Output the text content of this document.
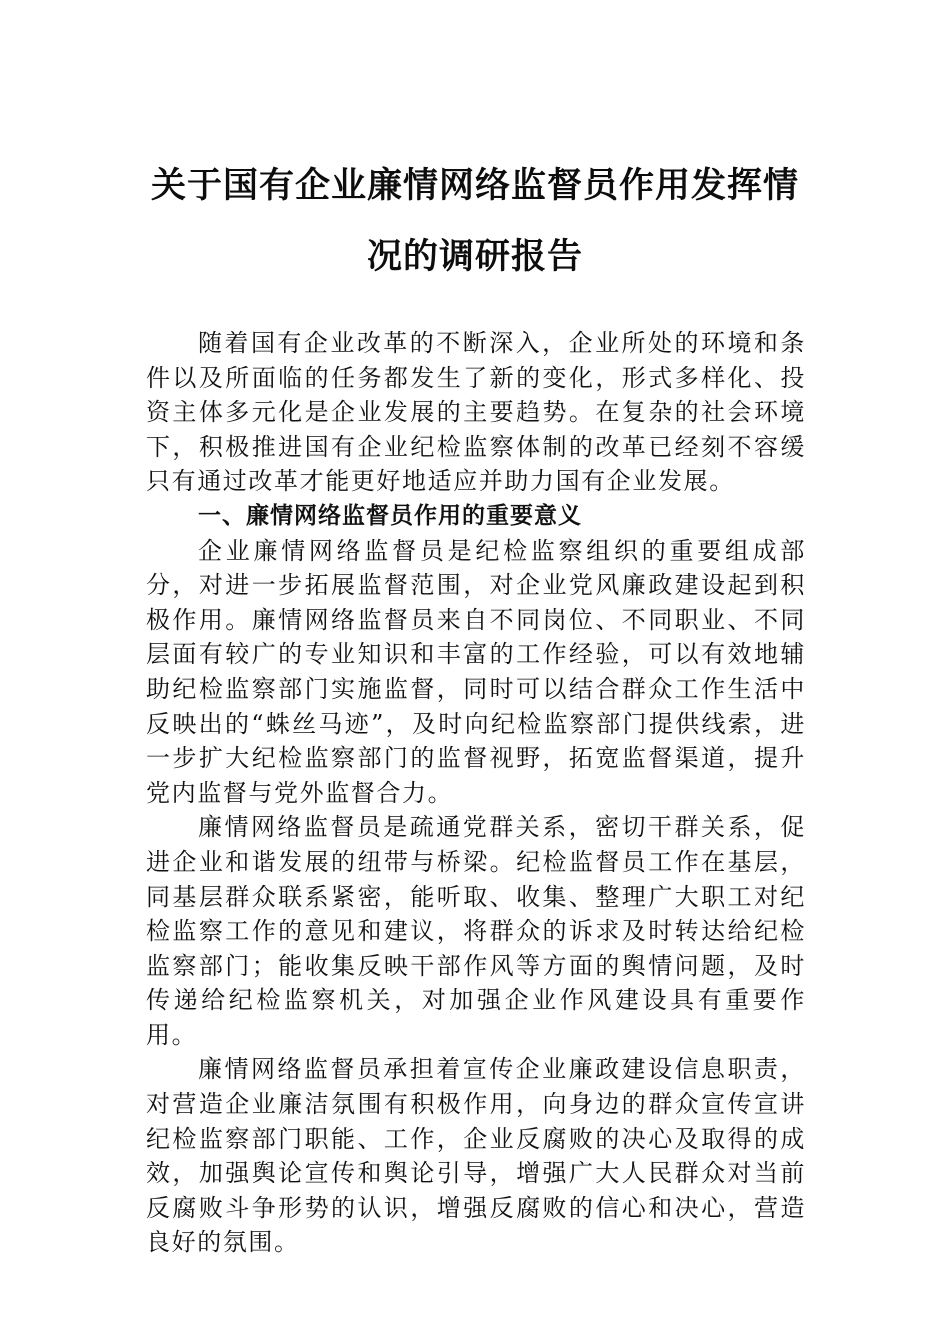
关于国有企业廉情网络监督员作用发挥情
况的调研报告

随着国有企业改革的不断深入，企业所处的环境和条件以及所面临的任务都发生了新的变化，形式多样化、投资主体多元化是企业发展的主要趋势。在复杂的社会环境下，积极推进国有企业纪检监察体制的改革已经刻不容缓只有通过改革才能更好地适应并助力国有企业发展。

一、廉情网络监督员作用的重要意义

企业廉情网络监督员是纪检监察组织的重要组成部分，对进一步拓展监督范围，对企业党风廉政建设起到积极作用。廉情网络监督员来自不同岗位、不同职业、不同层面有较广的专业知识和丰富的工作经验，可以有效地辅助纪检监察部门实施监督，同时可以结合群众工作生活中反映出的“蛛丝马迹”，及时向纪检监察部门提供线索，进一步扩大纪检监察部门的监督视野，拓宽监督渠道，提升党内监督与党外监督合力。

廉情网络监督员是疏通党群关系，密切干群关系，促进企业和谐发展的纽带与桥梁。纪检监督员工作在基层，同基层群众联系紧密，能听取、收集、整理广大职工对纪检监察工作的意见和建议，将群众的诉求及时转达给纪检监察部门；能收集反映干部作风等方面的舆情问题，及时传递给纪检监察机关，对加强企业作风建设具有重要作用。

廉情网络监督员承担着宣传企业廉政建设信息职责，对营造企业廉洁氛围有积极作用，向身边的群众宣传宣讲纪检监察部门职能、工作，企业反腐败的决心及取得的成效，加强舆论宣传和舆论引导，增强广大人民群众对当前反腐败斗争形势的认识，增强反腐败的信心和决心，营造良好的氛围。
